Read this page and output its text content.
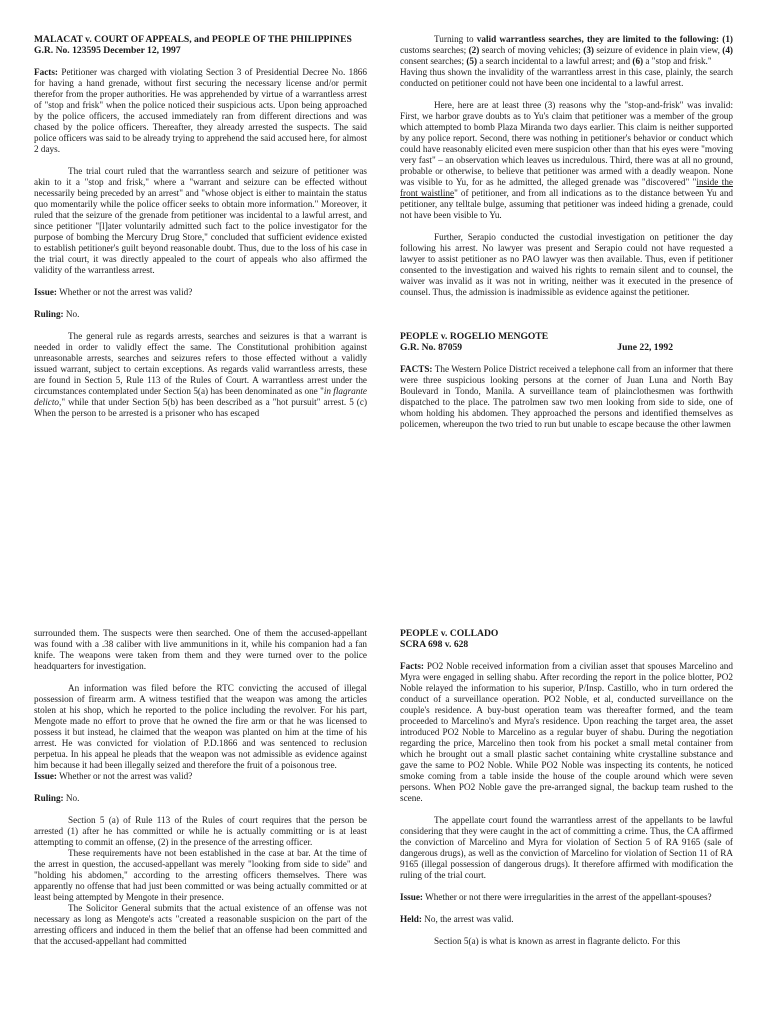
MALACAT v. COURT OF APPEALS, and PEOPLE OF THE PHILIPPINES

G.R. No. 123595 December 12, 1997

Facts: Petitioner was charged with violating Section 3 of Presidential Decree No. 1866 for having a hand grenade, without first securing the necessary license and/or permit therefor from the proper authorities. He was apprehended by virtue of a warrantless arrest of "stop and frisk" when the police noticed their suspicious acts. Upon being approached by the police officers, the accused immediately ran from different directions and was chased by the police officers. Thereafter, they already arrested the suspects. The said police officers was said to be already trying to apprehend the said accused here, for almost 2 days.

The trial court ruled that the warrantless search and seizure of petitioner was akin to it a "stop and frisk," where a "warrant and seizure can be effected without necessarily being preceded by an arrest" and "whose object is either to maintain the status quo momentarily while the police officer seeks to obtain more information." Moreover, it ruled that the seizure of the grenade from petitioner was incidental to a lawful arrest, and since petitioner "[l]ater voluntarily admitted such fact to the police investigator for the purpose of bombing the Mercury Drug Store," concluded that sufficient evidence existed to establish petitioner's guilt beyond reasonable doubt. Thus, due to the loss of his case in the trial court, it was directly appealed to the court of appeals who also affirmed the validity of the warrantless arrest.

Issue: Whether or not the arrest was valid?

Ruling: No.

The general rule as regards arrests, searches and seizures is that a warrant is needed in order to validly effect the same. The Constitutional prohibition against unreasonable arrests, searches and seizures refers to those effected without a validly issued warrant, subject to certain exceptions. As regards valid warrantless arrests, these are found in Section 5, Rule 113 of the Rules of Court. A warrantless arrest under the circumstances contemplated under Section 5(a) has been denominated as one "in flagrante delicto," while that under Section 5(b) has been described as a "hot pursuit" arrest. 5 (c) When the person to be arrested is a prisoner who has escaped

Turning to valid warrantless searches, they are limited to the following: (1) customs searches; (2) search of moving vehicles; (3) seizure of evidence in plain view, (4) consent searches; (5) a search incidental to a lawful arrest; and (6) a "stop and frisk."

Having thus shown the invalidity of the warrantless arrest in this case, plainly, the search conducted on petitioner could not have been one incidental to a lawful arrest.

Here, here are at least three (3) reasons why the "stop-and-frisk" was invalid: First, we harbor grave doubts as to Yu's claim that petitioner was a member of the group which attempted to bomb Plaza Miranda two days earlier. This claim is neither supported by any police report. Second, there was nothing in petitioner's behavior or conduct which could have reasonably elicited even mere suspicion other than that his eyes were "moving very fast" – an observation which leaves us incredulous. Third, there was at all no ground, probable or otherwise, to believe that petitioner was armed with a deadly weapon. None was visible to Yu, for as he admitted, the alleged grenade was "discovered" "inside the front waistline" of petitioner, and from all indications as to the distance between Yu and petitioner, any telltale bulge, assuming that petitioner was indeed hiding a grenade, could not have been visible to Yu.

Further, Serapio conducted the custodial investigation on petitioner the day following his arrest. No lawyer was present and Serapio could not have requested a lawyer to assist petitioner as no PAO lawyer was then available. Thus, even if petitioner consented to the investigation and waived his rights to remain silent and to counsel, the waiver was invalid as it was not in writing, neither was it executed in the presence of counsel. Thus, the admission is inadmissible as evidence against the petitioner.

PEOPLE v. ROGELIO MENGOTE

G.R. No. 87059	June 22, 1992

FACTS: The Western Police District received a telephone call from an informer that there were three suspicious looking persons at the corner of Juan Luna and North Bay Boulevard in Tondo, Manila. A surveillance team of plainclothesmen was forthwith dispatched to the place. The patrolmen saw two men looking from side to side, one of whom holding his abdomen. They approached the persons and identified themselves as policemen, whereupon the two tried to run but unable to escape because the other lawmen

surrounded them. The suspects were then searched. One of them the accused-appellant was found with a .38 caliber with live ammunitions in it, while his companion had a fan knife. The weapons were taken from them and they were turned over to the police headquarters for investigation.

An information was filed before the RTC convicting the accused of illegal possession of firearm arm. A witness testified that the weapon was among the articles stolen at his shop, which he reported to the police including the revolver. For his part, Mengote made no effort to prove that he owned the fire arm or that he was licensed to possess it but instead, he claimed that the weapon was planted on him at the time of his arrest. He was convicted for violation of P.D.1866 and was sentenced to reclusion perpetua. In his appeal he pleads that the weapon was not admissible as evidence against him because it had been illegally seized and therefore the fruit of a poisonous tree.

Issue: Whether or not the arrest was valid?

Ruling: No.

Section 5 (a) of Rule 113 of the Rules of court requires that the person be arrested (1) after he has committed or while he is actually committing or is at least attempting to commit an offense, (2) in the presence of the arresting officer.

These requirements have not been established in the case at bar. At the time of the arrest in question, the accused-appellant was merely "looking from side to side" and "holding his abdomen," according to the arresting officers themselves. There was apparently no offense that had just been committed or was being actually committed or at least being attempted by Mengote in their presence.

The Solicitor General submits that the actual existence of an offense was not necessary as long as Mengote's acts "created a reasonable suspicion on the part of the arresting officers and induced in them the belief that an offense had been committed and that the accused-appellant had committed

PEOPLE v. COLLADO

SCRA 698 v. 628

Facts: PO2 Noble received information from a civilian asset that spouses Marcelino and Myra were engaged in selling shabu. After recording the report in the police blotter, PO2 Noble relayed the information to his superior, P/Insp. Castillo, who in turn ordered the conduct of a surveillance operation. PO2 Noble, et al, conducted surveillance on the couple's residence. A buy-bust operation team was thereafter formed, and the team proceeded to Marcelino's and Myra's residence. Upon reaching the target area, the asset introduced PO2 Noble to Marcelino as a regular buyer of shabu. During the negotiation regarding the price, Marcelino then took from his pocket a small metal container from which he brought out a small plastic sachet containing white crystalline substance and gave the same to PO2 Noble. While PO2 Noble was inspecting its contents, he noticed smoke coming from a table inside the house of the couple around which were seven persons. When PO2 Noble gave the pre-arranged signal, the backup team rushed to the scene.

The appellate court found the warrantless arrest of the appellants to be lawful considering that they were caught in the act of committing a crime. Thus, the CA affirmed the conviction of Marcelino and Myra for violation of Section 5 of RA 9165 (sale of dangerous drugs), as well as the conviction of Marcelino for violation of Section 11 of RA 9165 (illegal possession of dangerous drugs). It therefore affirmed with modification the ruling of the trial court.

Issue: Whether or not there were irregularities in the arrest of the appellant-spouses?

Held: No, the arrest was valid.

Section 5(a) is what is known as arrest in flagrante delicto. For this
